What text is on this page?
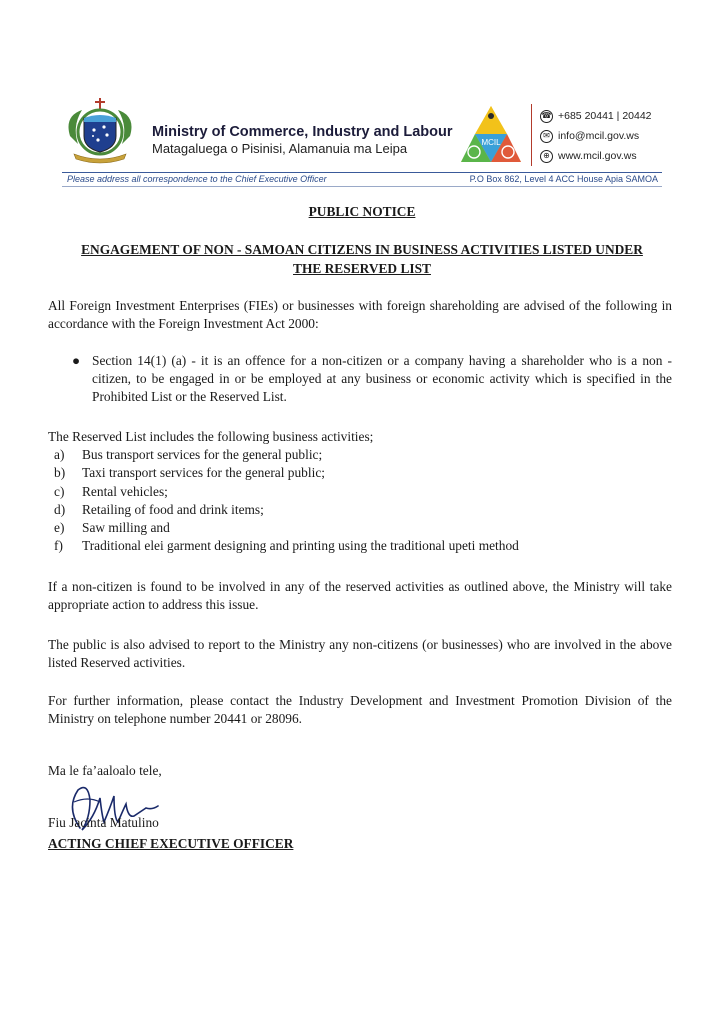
Ministry of Commerce, Industry and Labour
Matagaluega o Pisinisi, Alamanuia ma Leipa	MCIL
☎ +685 20441 | 20442
✉ info@mcil.gov.ws
⊕ www.mcil.gov.ws
Please address all correspondence to the Chief Executive Officer	P.O Box 862, Level 4 ACC House Apia SAMOA
PUBLIC NOTICE
ENGAGEMENT OF NON - SAMOAN CITIZENS IN BUSINESS ACTIVITIES LISTED UNDER
THE RESERVED LIST
All Foreign Investment Enterprises (FIEs) or businesses with foreign shareholding are advised of the following in accordance with the Foreign Investment Act 2000:
● Section 14(1) (a) - it is an offence for a non-citizen or a company having a shareholder who is a non - citizen, to be engaged in or be employed at any business or economic activity which is specified in the Prohibited List or the Reserved List.
The Reserved List includes the following business activities;
a)	Bus transport services for the general public;
b)	Taxi transport services for the general public;
c)	Rental vehicles;
d)	Retailing of food and drink items;
e)	Saw milling and
f)	Traditional elei garment designing and printing using the traditional upeti method
If a non-citizen is found to be involved in any of the reserved activities as outlined above, the Ministry will take appropriate action to address this issue.
The public is also advised to report to the Ministry any non-citizens (or businesses) who are involved in the above listed Reserved activities.
For further information, please contact the Industry Development and Investment Promotion Division of the Ministry on telephone number 20441 or 28096.
Ma le fa’aaloalo tele,
Fiu Jacinta Matulino
ACTING CHIEF EXECUTIVE OFFICER
